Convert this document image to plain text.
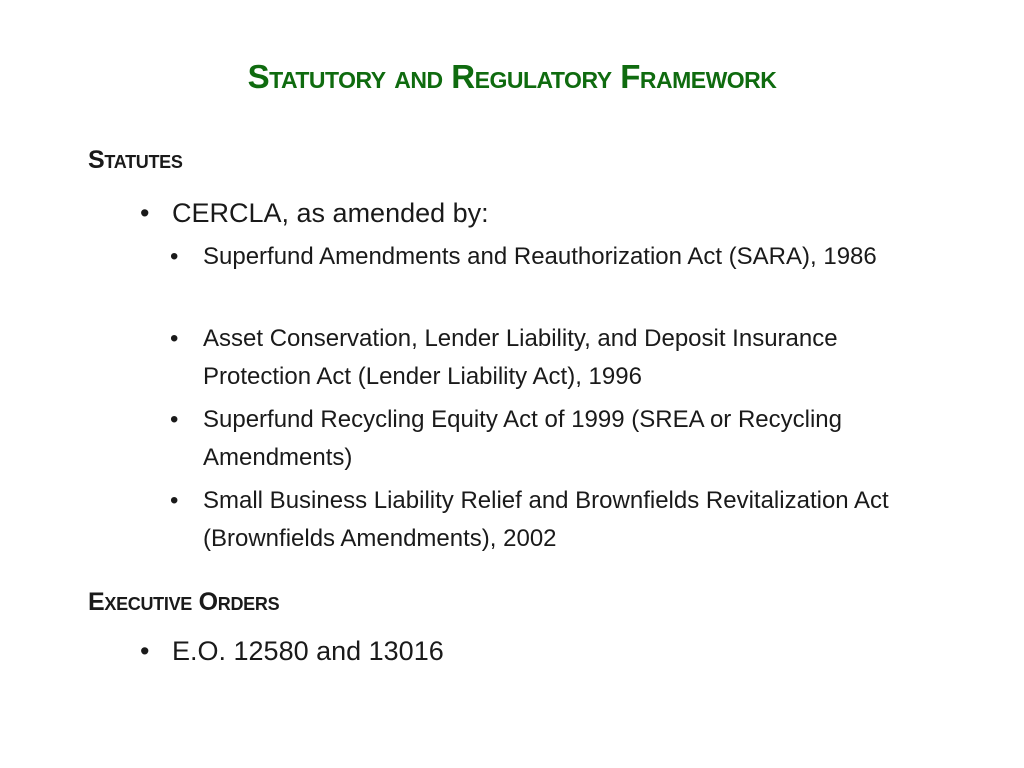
Statutory and Regulatory Framework
Statutes
• CERCLA, as amended by:
• Superfund Amendments and Reauthorization Act (SARA), 1986
• Asset Conservation, Lender Liability, and Deposit Insurance Protection Act (Lender Liability Act), 1996
• Superfund Recycling Equity Act of 1999 (SREA or Recycling Amendments)
• Small Business Liability Relief and Brownfields Revitalization Act (Brownfields Amendments), 2002
Executive Orders
• E.O. 12580 and 13016
